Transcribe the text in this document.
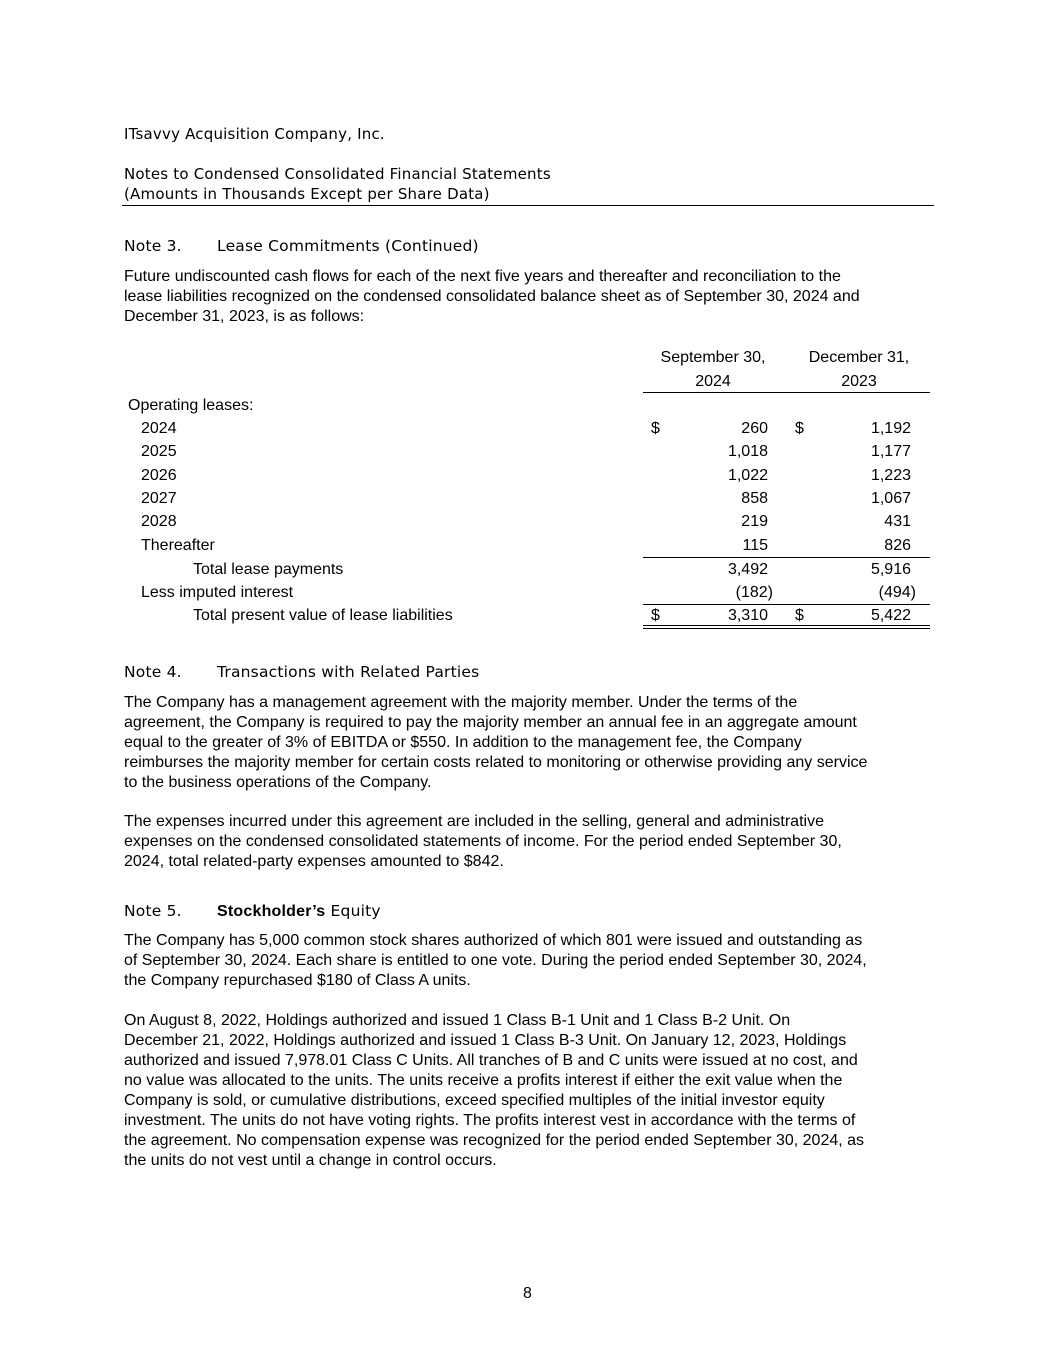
ITsavvy Acquisition Company, Inc.
Notes to Condensed Consolidated Financial Statements
(Amounts in Thousands Except per Share Data)
Note 3. Lease Commitments (Continued)
Future undiscounted cash flows for each of the next five years and thereafter and reconciliation to the
lease liabilities recognized on the condensed consolidated balance sheet as of September 30, 2024 and
December 31, 2023, is as follows:
September 30,
2024
December 31,
2023
Operating leases:
2024	$	260 $	1,192
2025	1,018	1,177
2026	1,022	1,223
2027	858	1,067
2028	219	431
Thereafter	115	826
Total lease payments	3,492	5,916
Less imputed interest	(182)	(494)
Total present value of lease liabilities	$	3,310 $	5,422
Note 4. Transactions with Related Parties
The Company has a management agreement with the majority member. Under the terms of the
agreement, the Company is required to pay the majority member an annual fee in an aggregate amount
equal to the greater of 3% of EBITDA or $550. In addition to the management fee, the Company
reimburses the majority member for certain costs related to monitoring or otherwise providing any service
to the business operations of the Company.
The expenses incurred under this agreement are included in the selling, general and administrative
expenses on the condensed consolidated statements of income. For the period ended September 30,
2024, total related-party expenses amounted to $842.
Note 5. Stockholder’s Equity
The Company has 5,000 common stock shares authorized of which 801 were issued and outstanding as
of September 30, 2024. Each share is entitled to one vote. During the period ended September 30, 2024,
the Company repurchased $180 of Class A units.
On August 8, 2022, Holdings authorized and issued 1 Class B-1 Unit and 1 Class B-2 Unit. On
December 21, 2022, Holdings authorized and issued 1 Class B-3 Unit. On January 12, 2023, Holdings
authorized and issued 7,978.01 Class C Units. All tranches of B and C units were issued at no cost, and
no value was allocated to the units. The units receive a profits interest if either the exit value when the
Company is sold, or cumulative distributions, exceed specified multiples of the initial investor equity
investment. The units do not have voting rights. The profits interest vest in accordance with the terms of
the agreement. No compensation expense was recognized for the period ended September 30, 2024, as
the units do not vest until a change in control occurs.
8
